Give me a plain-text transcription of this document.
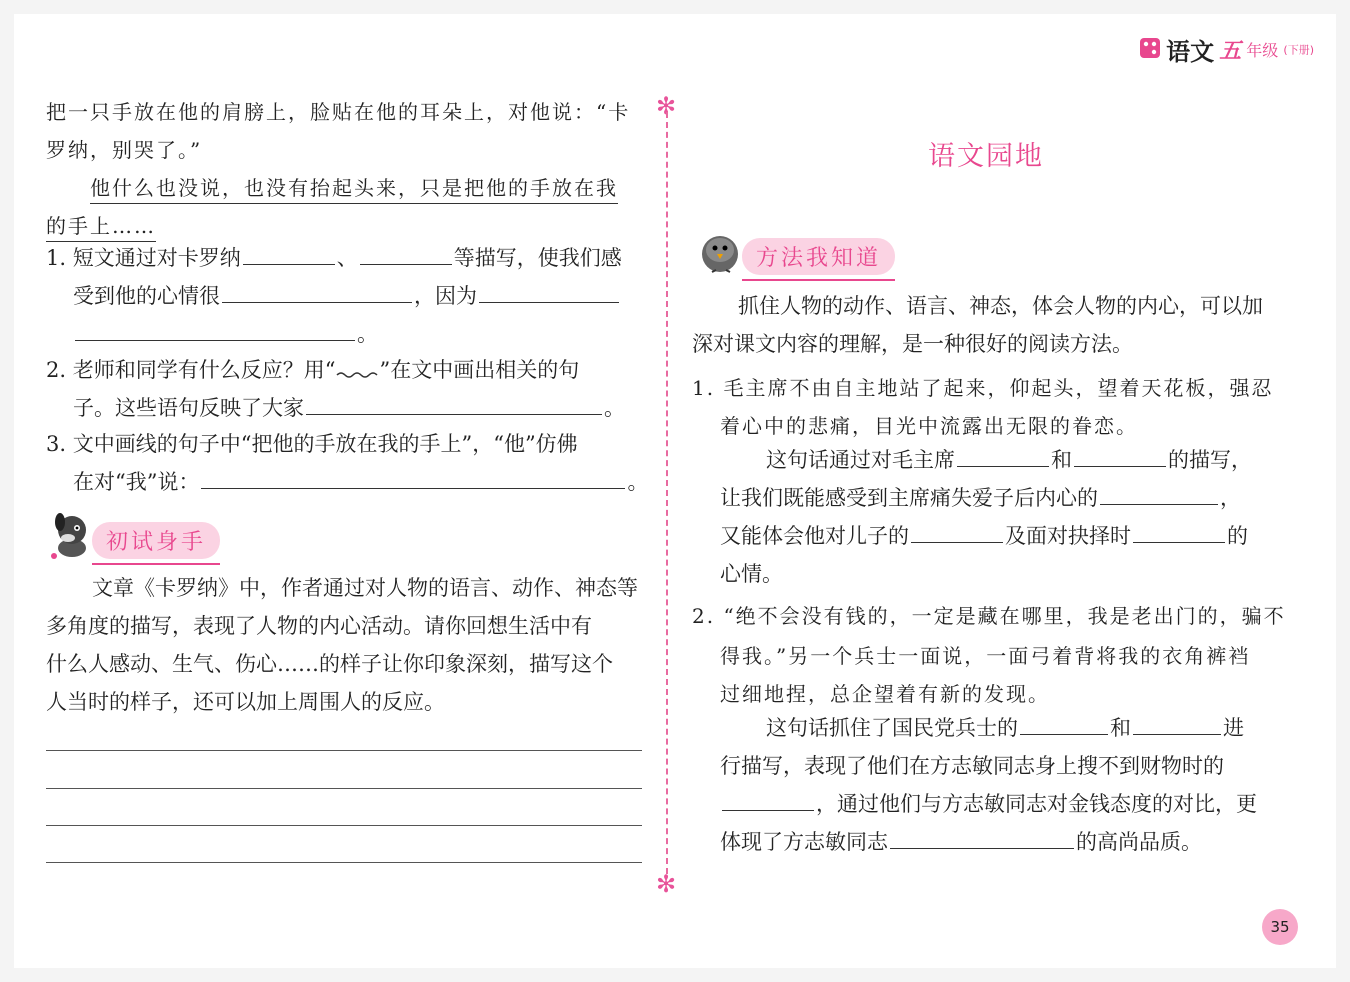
语文 五 年级 (下册)
✻
✻
把一只手放在他的肩膀上，脸贴在他的耳朵上，对他说：“卡
罗纳，别哭了。”
他什么也没说，也没有抬起头来，只是把他的手放在我
的手上……
1. 短文通过对卡罗纳	、	等描写，使我们感
受到他的心情很	，因为
。
2. 老师和同学有什么反应？用“ ”在文中画出相关的句
子。这些语句反映了大家	。
3. 文中画线的句子中“把他的手放在我的手上”，“他”仿佛
在对“我”说：	。
初试身手
文章《卡罗纳》中，作者通过对人物的语言、动作、神态等
多角度的描写，表现了人物的内心活动。请你回想生活中有
什么人感动、生气、伤心……的样子让你印象深刻，描写这个
人当时的样子，还可以加上周围人的反应。
语文园地
方法我知道
抓住人物的动作、语言、神态，体会人物的内心，可以加
深对课文内容的理解，是一种很好的阅读方法。
1. 毛主席不由自主地站了起来，仰起头，望着天花板，强忍
着心中的悲痛，目光中流露出无限的眷恋。
这句话通过对毛主席	和	的描写，
让我们既能感受到主席痛失爱子后内心的	，
又能体会他对儿子的	及面对抉择时	的
心情。
2. “绝不会没有钱的，一定是藏在哪里，我是老出门的，骗不
得我。”另一个兵士一面说，一面弓着背将我的衣角裤裆
过细地捏，总企望着有新的发现。
这句话抓住了国民党兵士的	和	进
行描写，表现了他们在方志敏同志身上搜不到财物时的
，通过他们与方志敏同志对金钱态度的对比，更
体现了方志敏同志	的高尚品质。
35
